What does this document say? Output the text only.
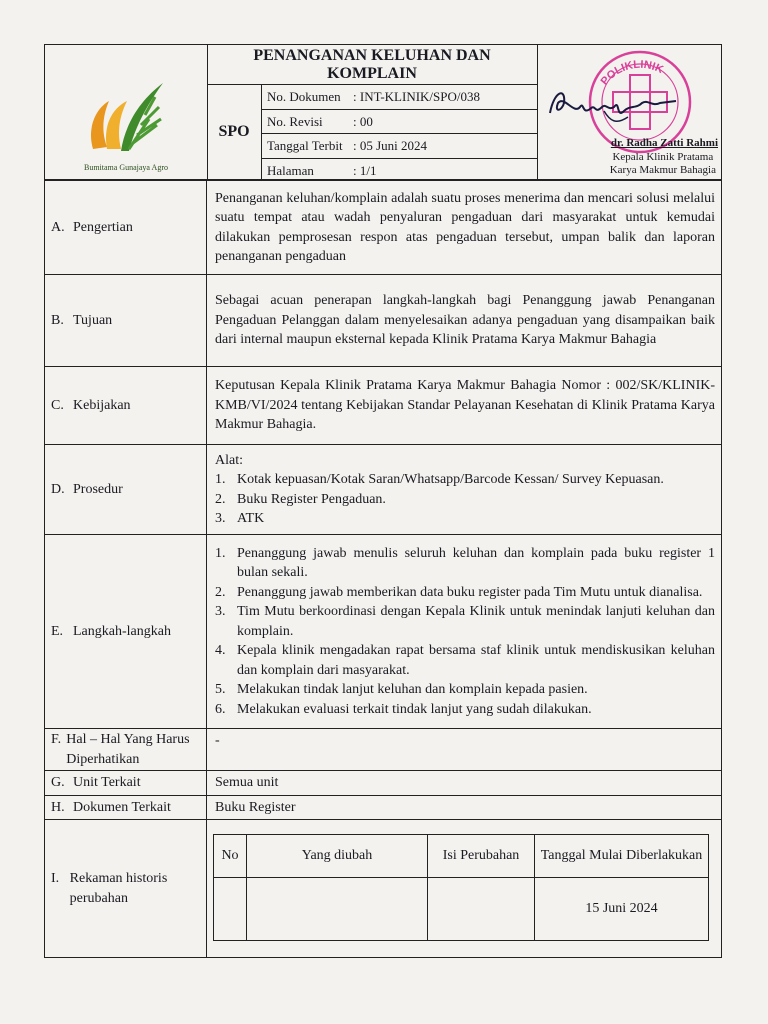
Bumitama Gunajaya Agro
PENANGANAN KELUHAN DAN KOMPLAIN
SPO
No. Dokumen : INT-KLINIK/SPO/038
No. Revisi	: 00
Tanggal Terbit : 05 Juni 2024
Halaman	: 1/1
POLIKLINIK
dr. Radha Zatti Rahmi
Kepala Klinik Pratama
Karya Makmur Bahagia
A. Pengertian
	Penanganan keluhan/komplain adalah suatu proses menerima dan mencari solusi melalui suatu tempat atau wadah penyaluran pengaduan dari masyarakat untuk kemudai dilakukan pemprosesan respon atas pengaduan tersebut, umpan balik dan laporan penanganan pengaduan

B. Tujuan
	Sebagai acuan penerapan langkah-langkah bagi Penanggung jawab Penanganan Pengaduan Pelanggan dalam menyelesaikan adanya pengaduan yang disampaikan baik dari internal maupun eksternal kepada Klinik Pratama Karya Makmur Bahagia

C. Kebijakan
	Keputusan Kepala Klinik Pratama Karya Makmur Bahagia Nomor : 002/SK/KLINIK-KMB/VI/2024 tentang Kebijakan Standar Pelayanan Kesehatan di Klinik Pratama Karya Makmur Bahagia.

D. Prosedur

Alat:
1. Kotak kepuasan/Kotak Saran/Whatsapp/Barcode Kessan/ Survey Kepuasan.
2. Buku Register Pengaduan.
3. ATK

E. Langkah-langkah

1. Penanggung jawab menulis seluruh keluhan dan komplain pada buku register 1 bulan sekali.
2. Penanggung jawab memberikan data buku register pada Tim Mutu untuk dianalisa.
3. Tim Mutu berkoordinasi dengan Kepala Klinik untuk menindak lanjuti keluhan dan komplain.
4. Kepala klinik mengadakan rapat bersama staf klinik untuk mendiskusikan keluhan dan komplain dari masyarakat.
5. Melakukan tindak lanjut keluhan dan komplain kepada pasien.
6. Melakukan evaluasi terkait tindak lanjut yang sudah dilakukan.

F. Hal – Hal Yang Harus Diperhatikan
	-

G. Unit Terkait	Semua unit

H. Dokumen Terkait	Buku Register

I. Rekaman historis perubahan

No	Yang diubah	Isi Perubahan	Tanggal Mulai Diberlakukan
			15 Juni 2024
